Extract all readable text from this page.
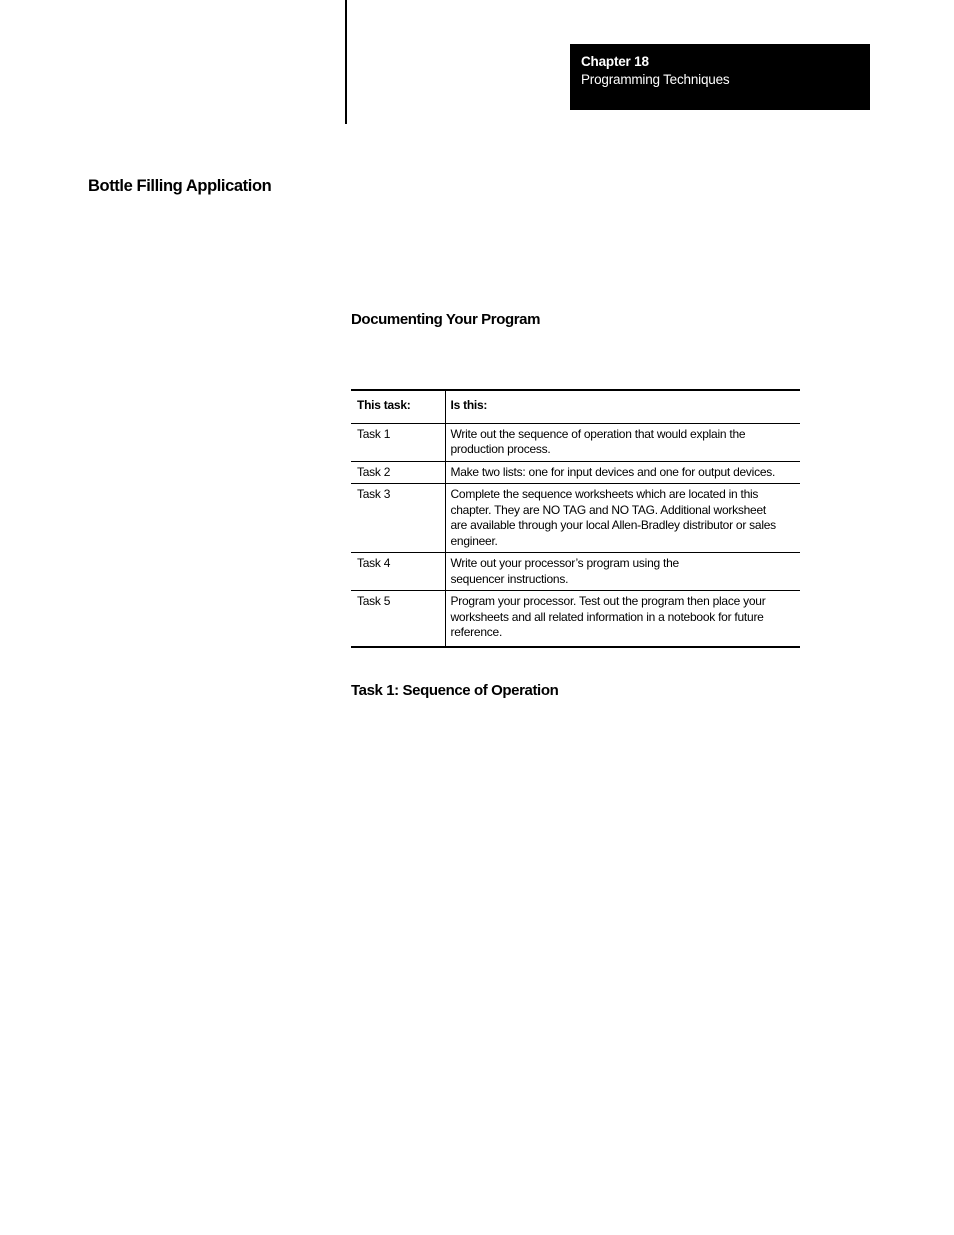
Chapter 18
Programming Techniques
Bottle Filling Application
Documenting Your Program
This task:	Is this:
Task 1	Write out the sequence of operation that would explain the
production process.

Task 2	Make two lists: one for input devices and one for output devices.

Task 3	Complete the sequence worksheets which are located in this
chapter. They are NO TAG and NO TAG. Additional worksheet
are available through your local Allen-Bradley distributor or sales
engineer.

Task 4	Write out your processor’s program using the
sequencer instructions.

Task 5	Program your processor. Test out the program then place your
worksheets and all related information in a notebook for future
reference.
Task 1: Sequence of Operation
